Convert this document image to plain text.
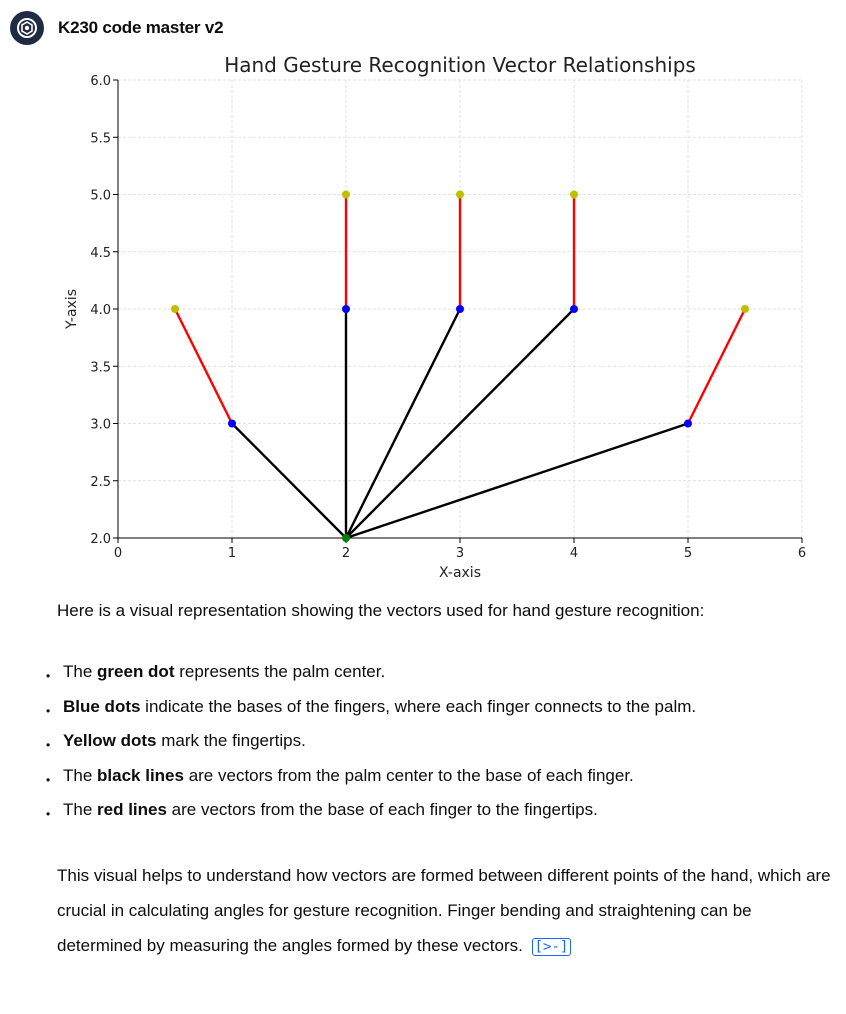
K230 code master v2
0	1	2	3	4	5	6
2.0
2.5
3.0
3.5
4.0
4.5
5.0
5.5
6.0
Hand Gesture Recognition Vector Relationships
X-axis
Y-axis
Here is a visual representation showing the vectors used for hand gesture recognition:
• The green dot represents the palm center.
• Blue dots indicate the bases of the fingers, where each finger connects to the palm.
• Yellow dots mark the fingertips.
• The black lines are vectors from the palm center to the base of each finger.
• The red lines are vectors from the base of each finger to the fingertips.
This visual helps to understand how vectors are formed between different points of the hand, which are crucial in calculating angles for gesture recognition. Finger bending and straightening can be determined by measuring the angles formed by these vectors. [>-]
